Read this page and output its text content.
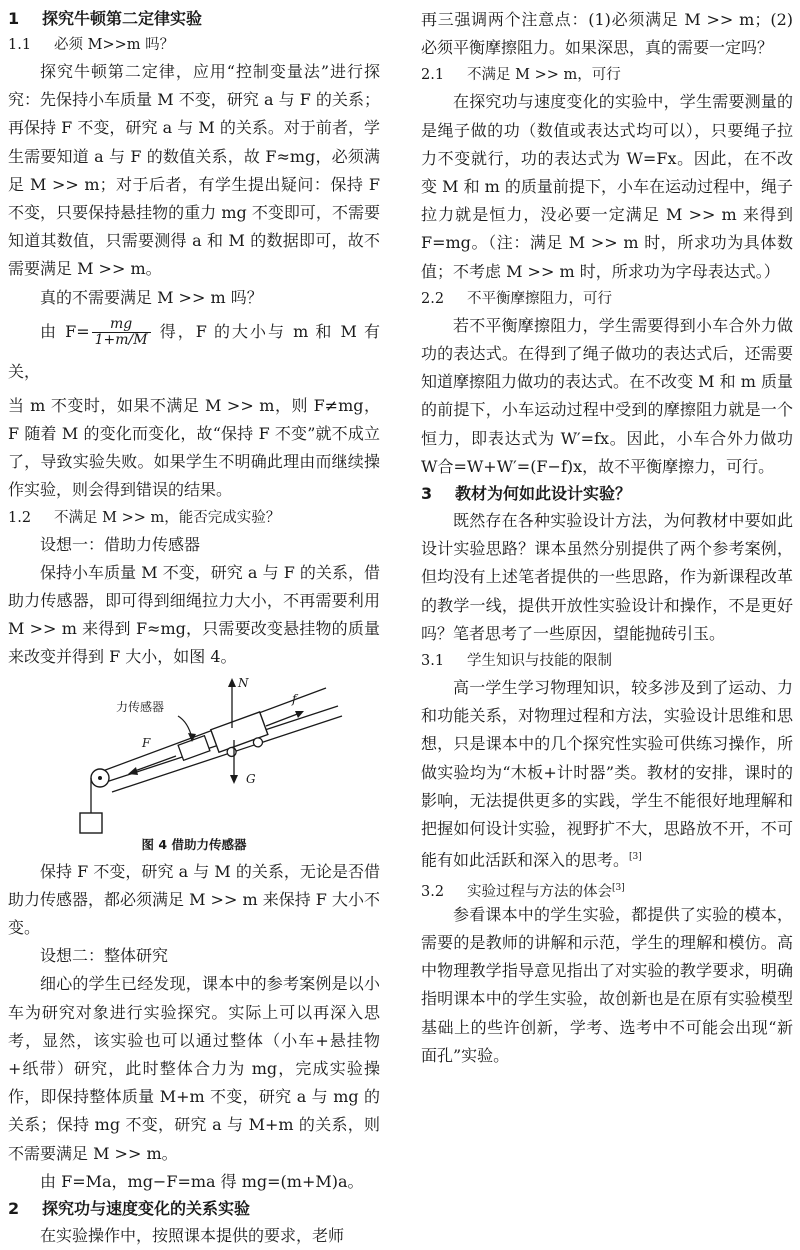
1 探究牛顿第二定律实验
1.1 必须 M>>m 吗？
探究牛顿第二定律，应用“控制变量法”进行探究：先保持小车质量 M 不变，研究 a 与 F 的关系；再保持 F 不变，研究 a 与 M 的关系。对于前者，学生需要知道 a 与 F 的数值关系，故 F≈mg，必须满足 M >> m；对于后者，有学生提出疑问：保持 F 不变，只要保持悬挂物的重力 mg 不变即可，不需要知道其数值，只需要测得 a 和 M 的数据即可，故不需要满足 M >> m。
真的不需要满足 M >> m 吗？
由 $F= \frac{mg}{1+m/M}$ 得，F 的大小与 m 和 M 有关，
当 m 不变时，如果不满足 M >> m，则 F≠mg，F 随着 M 的变化而变化，故“保持 F 不变”就不成立了，导致实验失败。如果学生不明确此理由而继续操作实验，则会得到错误的结果。
1.2 不满足 M >> m，能否完成实验？
设想一：借助力传感器
保持小车质量 M 不变，研究 a 与 F 的关系，借助力传感器，即可得到细绳拉力大小，不再需要利用 M >> m 来得到 F≈mg，只需要改变悬挂物的质量来改变并得到 F 大小，如图 4。
力传感器
N
f
F
G
图 4 借助力传感器
保持 F 不变，研究 a 与 M 的关系，无论是否借助力传感器，都必须满足 M >> m 来保持 F 大小不变。
设想二：整体研究
细心的学生已经发现，课本中的参考案例是以小车为研究对象进行实验探究。实际上可以再深入思考，显然，该实验也可以通过整体（小车+悬挂物+纸带）研究，此时整体合力为 mg，完成实验操作，即保持整体质量 M+m 不变，研究 a 与 mg 的关系；保持 mg 不变，研究 a 与 M+m 的关系，则不需要满足 M >> m。
由 F=Ma，mg−F=ma 得 mg=(m+M)a。
2 探究功与速度变化的关系实验
在实验操作中，按照课本提供的要求，老师
再三强调两个注意点：(1)必须满足 M >> m；(2)必须平衡摩擦阻力。如果深思，真的需要一定吗？
2.1 不满足 M >> m，可行
在探究功与速度变化的实验中，学生需要测量的是绳子做的功（数值或表达式均可以），只要绳子拉力不变就行，功的表达式为 W=Fx。因此，在不改变 M 和 m 的质量前提下，小车在运动过程中，绳子拉力就是恒力，没必要一定满足 M >> m 来得到 F=mg。（注：满足 M >> m 时，所求功为具体数值；不考虑 M >> m 时，所求功为字母表达式。）
2.2 不平衡摩擦阻力，可行
若不平衡摩擦阻力，学生需要得到小车合外力做功的表达式。在得到了绳子做功的表达式后，还需要知道摩擦阻力做功的表达式。在不改变 M 和 m 质量的前提下，小车运动过程中受到的摩擦阻力就是一个恒力，即表达式为 W′=fx。因此，小车合外力做功 W合=W+W′=(F−f)x，故不平衡摩擦力，可行。
3 教材为何如此设计实验？
既然存在各种实验设计方法，为何教材中要如此设计实验思路？课本虽然分别提供了两个参考案例，但均没有上述笔者提供的一些思路，作为新课程改革的教学一线，提供开放性实验设计和操作，不是更好吗？笔者思考了一些原因，望能抛砖引玉。
3.1 学生知识与技能的限制
高一学生学习物理知识，较多涉及到了运动、力和功能关系，对物理过程和方法，实验设计思维和思想，只是课本中的几个探究性实验可供练习操作，所做实验均为“木板+计时器”类。教材的安排，课时的影响，无法提供更多的实践，学生不能很好地理解和把握如何设计实验，视野扩不大，思路放不开，不可能有如此活跃和深入的思考。[3]
3.2 实验过程与方法的体会[3]
参看课本中的学生实验，都提供了实验的模本，需要的是教师的讲解和示范，学生的理解和模仿。高中物理教学指导意见指出了对实验的教学要求，明确指明课本中的学生实验，故创新也是在原有实验模型基础上的些许创新，学考、选考中不可能会出现“新面孔”实验。
